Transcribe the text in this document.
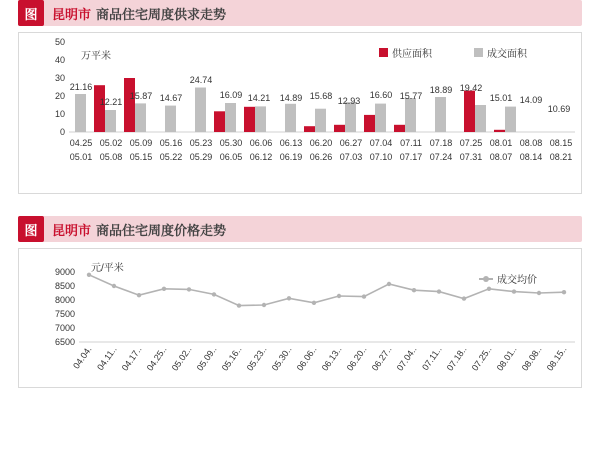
图	昆明市 商品住宅周度供求走势
50
40
30
20
10
0
21.16
12.21
15.87 14.67
24.74
16.09 14.21 14.89 15.68 12.93
16.60 15.77
18.89 19.42
15.01 14.09
10.69
04.25
05.01
05.02
05.08
05.09
05.15
05.16
05.22
05.23
05.29
05.30
06.05
06.06
06.12
06.13
06.19
06.20
06.26
06.27
07.03
07.04
07.10
07.11
07.17
07.18
07.24
07.25
07.31
08.01
08.07
08.08
08.14
08.15
08.21
万平米	供应面积	成交面积
图	昆明市 商品住宅周度价格走势
9000
8500
8000
7500
7000
6500
04.04. 04.11.. 04.17.. 04.25.. 05.02.. 05.09.. 05.16.. 05.23.. 05.30.. 06.06.. 06.13.. 06.20.. 06.27.. 07.04.. 07.11.. 07.18.. 07.25.. 08.01.. 08.08.. 08.15..
元/平米
成交均价
